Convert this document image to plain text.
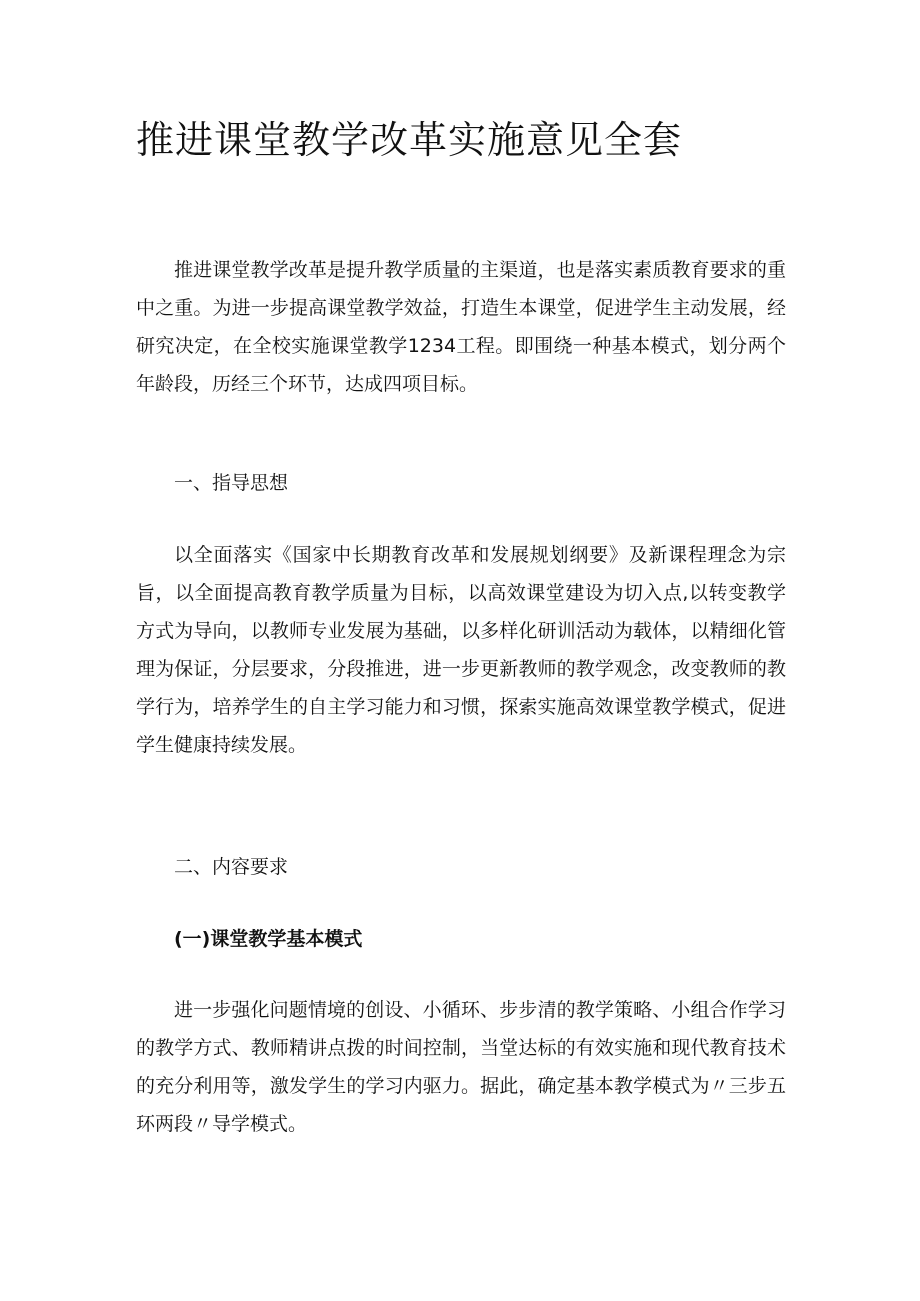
推进课堂教学改革实施意见全套

推进课堂教学改革是提升教学质量的主渠道，也是落实素质教育要求的重中之重。为进一步提高课堂教学效益，打造生本课堂，促进学生主动发展，经研究决定，在全校实施课堂教学1234工程。即围绕一种基本模式，划分两个年龄段，历经三个环节，达成四项目标。

一、指导思想

以全面落实《国家中长期教育改革和发展规划纲要》及新课程理念为宗旨，以全面提高教育教学质量为目标，以高效课堂建设为切入点,以转变教学方式为导向，以教师专业发展为基础，以多样化研训活动为载体，以精细化管理为保证，分层要求，分段推进，进一步更新教师的教学观念，改变教师的教学行为，培养学生的自主学习能力和习惯，探索实施高效课堂教学模式，促进学生健康持续发展。

二、内容要求

(一)课堂教学基本模式

进一步强化问题情境的创设、小循环、步步清的教学策略、小组合作学习的教学方式、教师精讲点拨的时间控制，当堂达标的有效实施和现代教育技术的充分利用等，激发学生的学习内驱力。据此，确定基本教学模式为〃三步五环两段〃导学模式。
